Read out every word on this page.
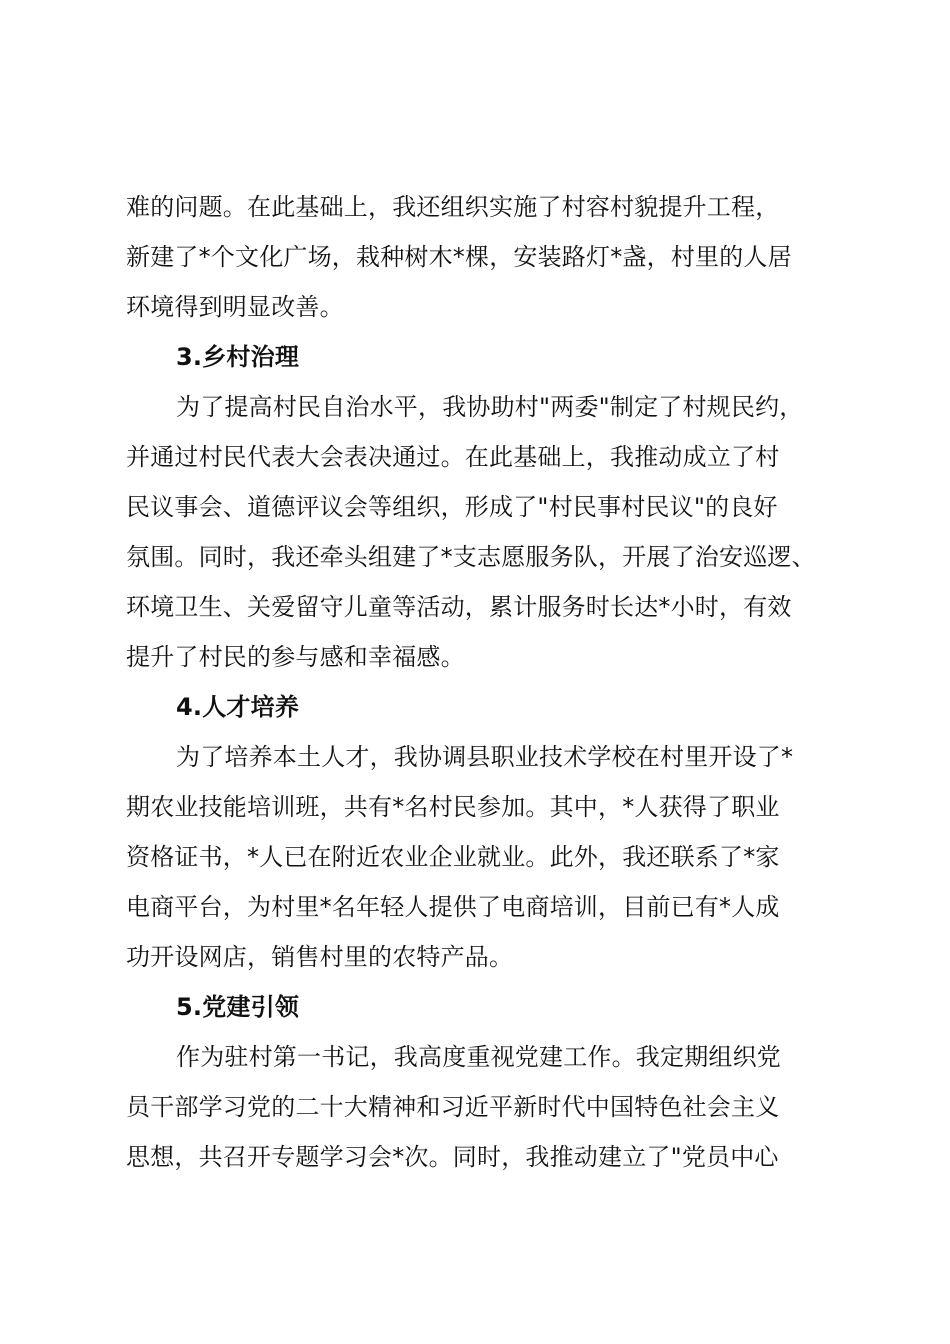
难的问题。在此基础上，我还组织实施了村容村貌提升工程，
新建了*个文化广场，栽种树木*棵，安装路灯*盏，村里的人居
环境得到明显改善。
3.乡村治理
为了提高村民自治水平，我协助村"两委"制定了村规民约，
并通过村民代表大会表决通过。在此基础上，我推动成立了村
民议事会、道德评议会等组织，形成了"村民事村民议"的良好
氛围。同时，我还牵头组建了*支志愿服务队，开展了治安巡逻、
环境卫生、关爱留守儿童等活动，累计服务时长达*小时，有效
提升了村民的参与感和幸福感。
4.人才培养
为了培养本土人才，我协调县职业技术学校在村里开设了*
期农业技能培训班，共有*名村民参加。其中，*人获得了职业
资格证书，*人已在附近农业企业就业。此外，我还联系了*家
电商平台，为村里*名年轻人提供了电商培训，目前已有*人成
功开设网店，销售村里的农特产品。
5.党建引领
作为驻村第一书记，我高度重视党建工作。我定期组织党
员干部学习党的二十大精神和习近平新时代中国特色社会主义
思想，共召开专题学习会*次。同时，我推动建立了"党员中心
